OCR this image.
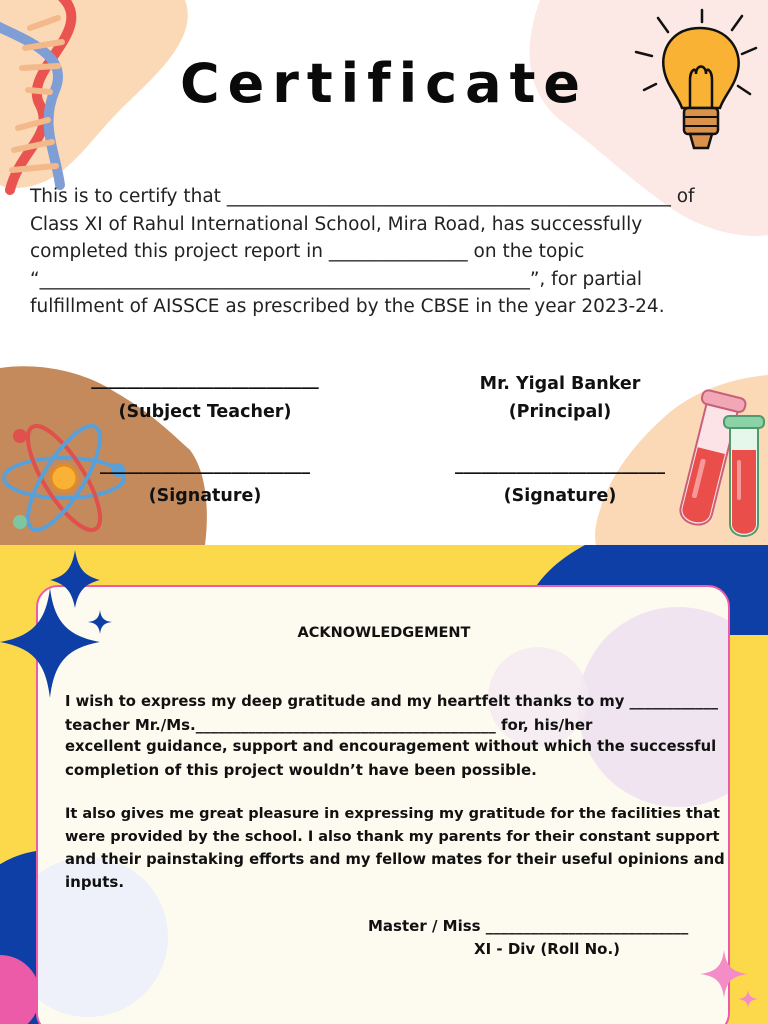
Certificate

This is to certify that ________________________________________________ of

Class XI of Rahul International School, Mira Road, has successfully

completed this project report in _______________ on the topic

“_____________________________________________________”, for partial

fulfillment of AISSCE as prescribed by the CBSE in the year 2023-24.

__________________________
(Subject Teacher)
Mr. Yigal Banker
(Principal)
________________________
(Signature)
________________________
(Signature)
ACKNOWLEDGEMENT

I wish to express my deep gratitude and my heartfelt thanks to my ____________

teacher Mr./Ms.________________________________________ for, his/her

excellent guidance, support and encouragement without which the successful

completion of this project wouldn’t have been possible.

It also gives me great pleasure in expressing my gratitude for the facilities that

were provided by the school. I also thank my parents for their constant support

and their painstaking efforts and my fellow mates for their useful opinions and

inputs.

Master / Miss ___________________________
XI - Div (Roll No.)
